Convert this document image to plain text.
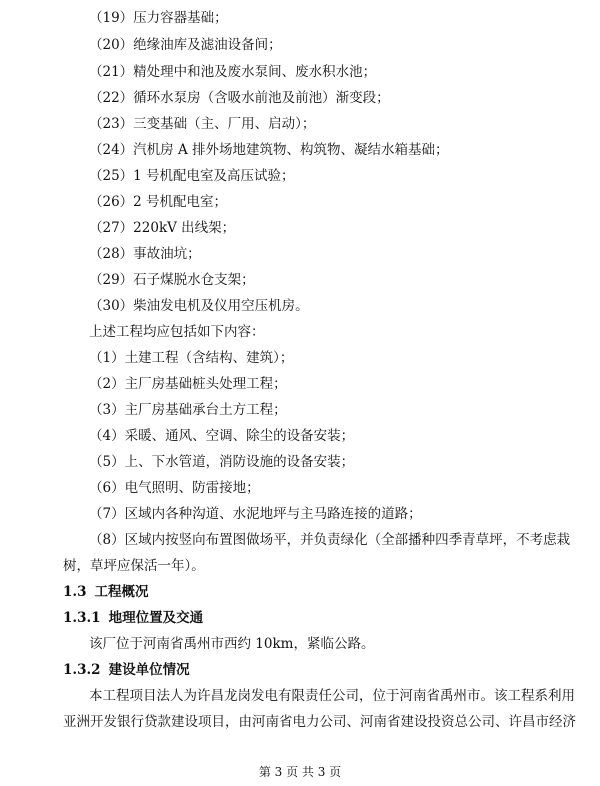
（19）压力容器基础；
（20）绝缘油库及滤油设备间；
（21）精处理中和池及废水泵间、废水积水池；
（22）循环水泵房（含吸水前池及前池）渐变段；
（23）三变基础（主、厂用、启动）；
（24）汽机房 A 排外场地建筑物、构筑物、凝结水箱基础；
（25）1 号机配电室及高压试验；
（26）2 号机配电室；
（27）220kV 出线架；
（28）事故油坑；
（29）石子煤脱水仓支架；
（30）柴油发电机及仪用空压机房。
上述工程均应包括如下内容：
（1）土建工程（含结构、建筑）；
（2）主厂房基础桩头处理工程；
（3）主厂房基础承台土方工程；
（4）采暖、通风、空调、除尘的设备安装；
（5）上、下水管道，消防设施的设备安装；
（6）电气照明、防雷接地；
（7）区域内各种沟道、水泥地坪与主马路连接的道路；
（8）区域内按竖向布置图做场平，并负责绿化（全部播种四季青草坪，不考虑栽
树，草坪应保活一年）。
1.3 工程概况
1.3.1 地理位置及交通
该厂位于河南省禹州市西约 10km，紧临公路。
1.3.2 建设单位情况
本工程项目法人为许昌龙岗发电有限责任公司，位于河南省禹州市。该工程系利用
亚洲开发银行贷款建设项目，由河南省电力公司、河南省建设投资总公司、许昌市经济
第 3 页 共 3 页
